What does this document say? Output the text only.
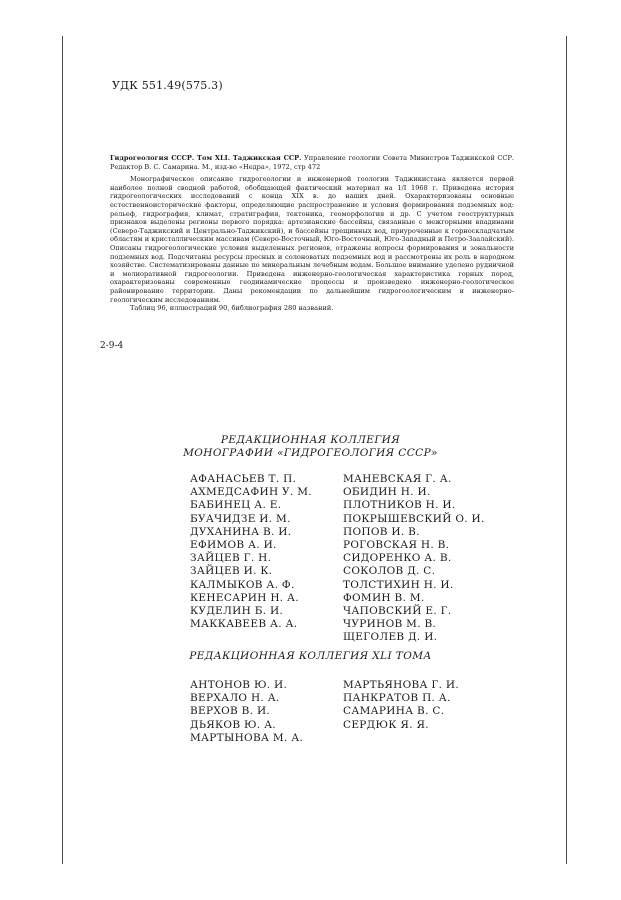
УДК 551.49(575.3)

Гидрогеология СССР. Том XLI. Таджикская ССР. Управление геологии Совета Министров Таджикской ССР. Редактор В. С. Самарина. М., изд-во «Недра», 1972, стр 472

Монографическое описание гидрогеологии и инженерной геологии Таджикистана является первой наиболее полной сводной работой, обобщающей фактический материал на 1/I 1968 г. Приведена история гидрогеологических исследований с конца XIX в. до наших дней. Охарактеризованы основные естественноисторические факторы, определяющие распространение и условия формирования подземных вод: рельеф, гидрография, климат, стратиграфия, тектоника, геоморфология и др. С учетом геоструктурных признаков выделены регионы первого порядка: артезианские бассейны, связанные с межгорными впадинами (Северо-Таджикский и Центрально-Таджикский), и бассейны трещинных вод, приуроченные к горноскладчатым областям и кристаллическим массивам (Северо-Восточный, Юго-Восточный, Юго-Западный и Петро-Заалайский). Описаны гидрогеологические условия выделенных регионов, отражены вопросы формирования и зональности подземных вод. Подсчитаны ресурсы пресных и солоноватых подземных вод и рассмотрены их роль в народном хозяйстве. Систематизированы данные по минеральным лечебным водам. Большое внимание уделено рудничной и мелиоративной гидрогеологии. Приведена инженерно-геологическая характеристика горных пород, охарактеризованы современные геодинамические процессы и произведено инженерно-геологическое районирование территории. Даны рекомендации по дальнейшим гидрогеологическим и инженерно-геологическим исследованиям.

Таблиц 96, иллюстраций 90, библиография 280 названий.

2-9-4
РЕДАКЦИОННАЯ КОЛЛЕГИЯ
МОНОГРАФИИ «ГИДРОГЕОЛОГИЯ СССР»
АФАНАСЬЕВ Т. П.
АХМЕДСАФИН У. М.
БАБИНЕЦ А. Е.
БУАЧИДЗЕ И. М.
ДУХАНИНА В. И.
ЕФИМОВ А. И.
ЗАЙЦЕВ Г. Н.
ЗАЙЦЕВ И. К.
КАЛМЫКОВ А. Ф.
КЕНЕСАРИН Н. А.
КУДЕЛИН Б. И.
МАККАВЕЕВ А. А.
МАНЕВСКАЯ Г. А.
ОБИДИН Н. И.
ПЛОТНИКОВ Н. И.
ПОКРЫШЕВСКИЙ О. И.
ПОПОВ И. В.
РОГОВСКАЯ Н. В.
СИДОРЕНКО А. В.
СОКОЛОВ Д. С.
ТОЛСТИХИН Н. И.
ФОМИН В. М.
ЧАПОВСКИЙ Е. Г.
ЧУРИНОВ М. В.
ЩЕГОЛЕВ Д. И.
РЕДАКЦИОННАЯ КОЛЛЕГИЯ XLI ТОМА
АНТОНОВ Ю. И.
ВЕРХАЛО Н. А.
ВЕРХОВ В. И.
ДЬЯКОВ Ю. А.
МАРТЫНОВА М. А.
МАРТЬЯНОВА Г. И.
ПАНКРАТОВ П. А.
САМАРИНА В. С.
СЕРДЮК Я. Я.
